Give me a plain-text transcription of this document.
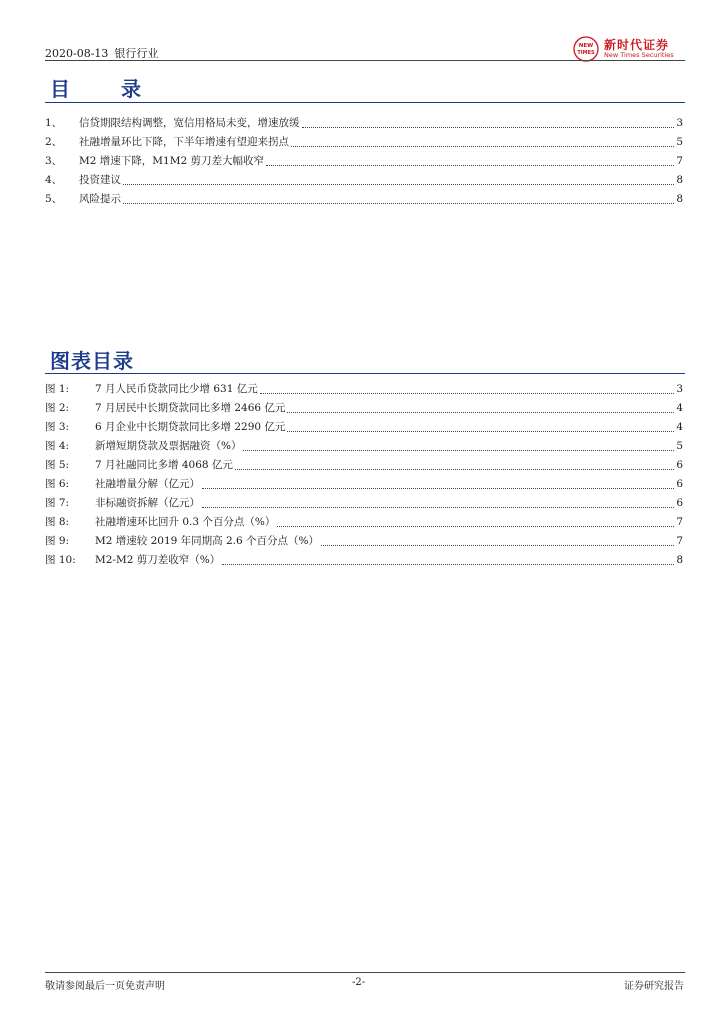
2020-08-13 银行行业
NEW
TIMES
新时代证券
New Times Securities
目 录
1、	信贷期限结构调整，宽信用格局未变，增速放缓	3
2、	社融增量环比下降，下半年增速有望迎来拐点	5
3、	M2 增速下降，M1M2 剪刀差大幅收窄	7
4、	投资建议	8
5、	风险提示	8
图表目录
图 1:	7 月人民币贷款同比少增 631 亿元	3
图 2:	7 月居民中长期贷款同比多增 2466 亿元	4
图 3:	6 月企业中长期贷款同比多增 2290 亿元	4
图 4:	新增短期贷款及票据融资（%）	5
图 5:	7 月社融同比多增 4068 亿元	6
图 6:	社融增量分解（亿元）	6
图 7:	非标融资拆解（亿元）	6
图 8:	社融增速环比回升 0.3 个百分点（%）	7
图 9:	M2 增速较 2019 年同期高 2.6 个百分点（%）	7
图 10:	M2-M2 剪刀差收窄（%）	8
敬请参阅最后一页免责声明	-2-	证券研究报告
